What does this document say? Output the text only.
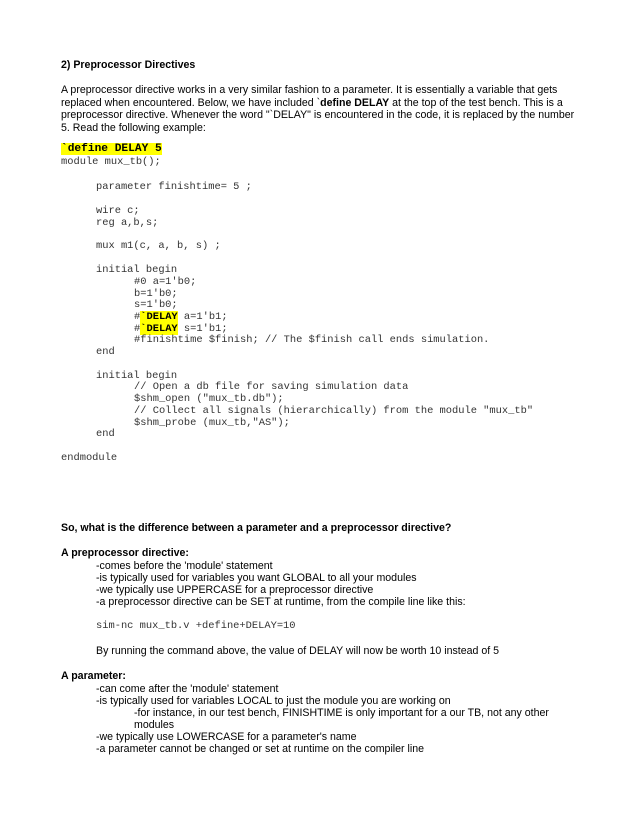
2) Preprocessor Directives
A preprocessor directive works in a very similar fashion to a parameter. It is essentially a variable that gets replaced when encountered. Below, we have included `define DELAY at the top of the test bench. This is a preprocessor directive. Whenever the word "`DELAY" is encountered in the code, it is replaced by the number 5. Read the following example:
`define DELAY 5
module mux_tb();
parameter finishtime= 5 ;
wire c;
reg a,b,s;
mux m1(c, a, b, s) ;
initial begin
#0 a=1'b0;
b=1'b0;
s=1'b0;
#`DELAY a=1'b1;
#`DELAY s=1'b1;
#finishtime $finish; // The $finish call ends simulation.
end
initial begin
// Open a db file for saving simulation data
$shm_open ("mux_tb.db");
// Collect all signals (hierarchically) from the module "mux_tb"
$shm_probe (mux_tb,"AS");
end
endmodule
So, what is the difference between a parameter and a preprocessor directive?
A preprocessor directive:
-comes before the 'module' statement
-is typically used for variables you want GLOBAL to all your modules
-we typically use UPPERCASE for a preprocessor directive
-a preprocessor directive can be SET at runtime, from the compile line like this:
sim-nc mux_tb.v +define+DELAY=10
By running the command above, the value of DELAY will now be worth 10 instead of 5
A parameter:
-can come after the 'module' statement
-is typically used for variables LOCAL to just the module you are working on
-for instance, in our test bench, FINISHTIME is only important for a our TB, not any other
modules
-we typically use LOWERCASE for a parameter's name
-a parameter cannot be changed or set at runtime on the compiler line
